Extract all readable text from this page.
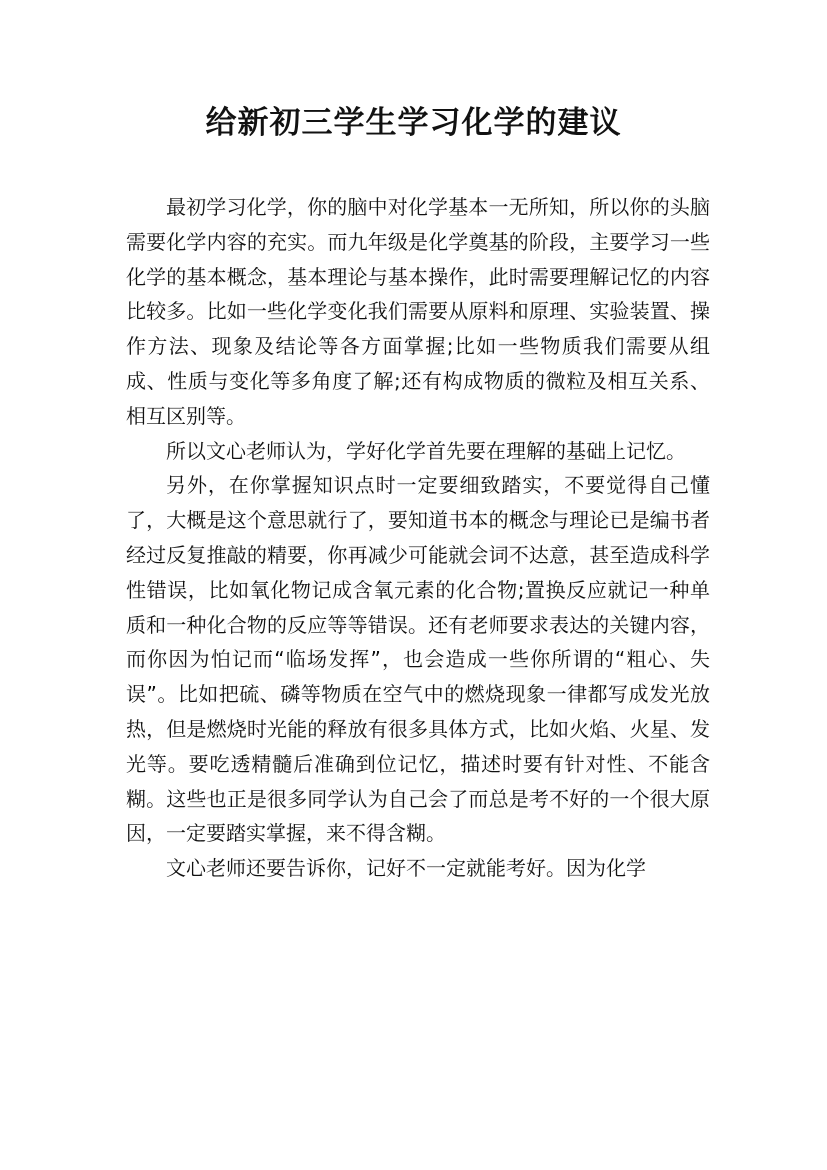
给新初三学生学习化学的建议

最初学习化学，你的脑中对化学基本一无所知，所以你的头脑需要化学内容的充实。而九年级是化学奠基的阶段，主要学习一些化学的基本概念，基本理论与基本操作，此时需要理解记忆的内容比较多。比如一些化学变化我们需要从原料和原理、实验装置、操作方法、现象及结论等各方面掌握;比如一些物质我们需要从组成、性质与变化等多角度了解;还有构成物质的微粒及相互关系、相互区别等。

所以文心老师认为，学好化学首先要在理解的基础上记忆。

另外，在你掌握知识点时一定要细致踏实，不要觉得自己懂了，大概是这个意思就行了，要知道书本的概念与理论已是编书者经过反复推敲的精要，你再减少可能就会词不达意，甚至造成科学性错误，比如氧化物记成含氧元素的化合物;置换反应就记一种单质和一种化合物的反应等等错误。还有老师要求表达的关键内容，而你因为怕记而“临场发挥”，也会造成一些你所谓的“粗心、失误”。比如把硫、磷等物质在空气中的燃烧现象一律都写成发光放热，但是燃烧时光能的释放有很多具体方式，比如火焰、火星、发光等。要吃透精髓后准确到位记忆，描述时要有针对性、不能含糊。这些也正是很多同学认为自己会了而总是考不好的一个很大原因，一定要踏实掌握，来不得含糊。

文心老师还要告诉你，记好不一定就能考好。因为化学
